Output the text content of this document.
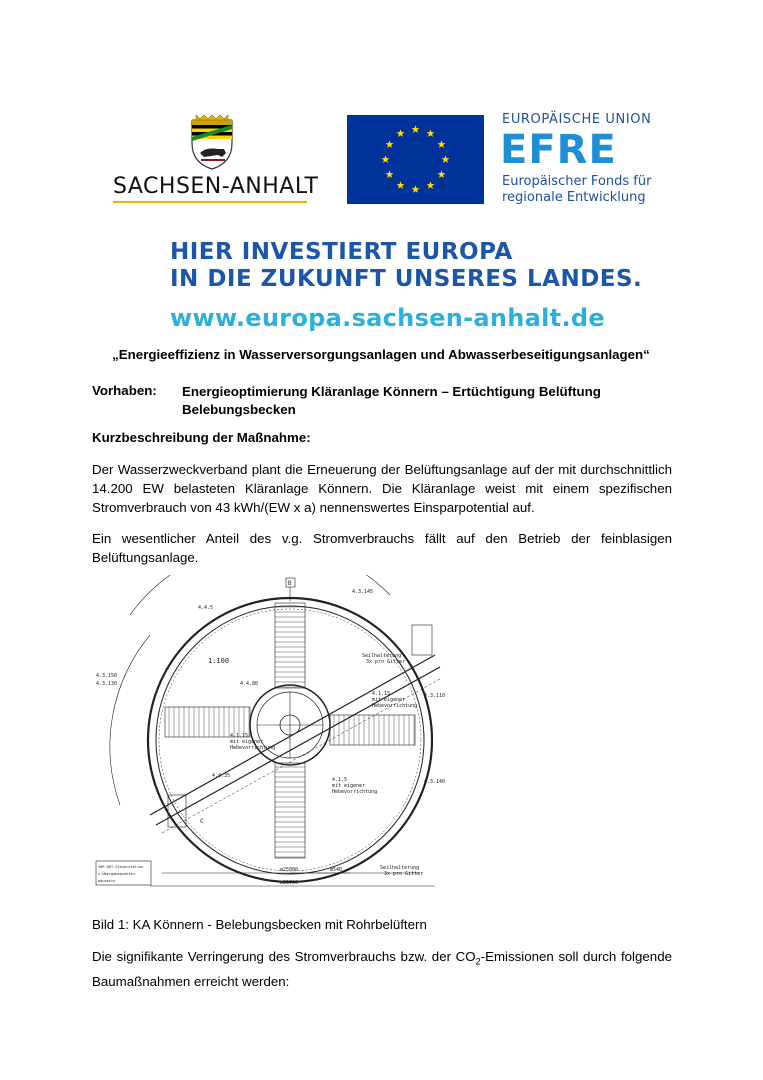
SACHSEN-ANHALT
EUROPÄISCHE UNION
EFRE
Europäischer Fonds für
regionale Entwicklung
HIER INVESTIERT EUROPA
IN DIE ZUKUNFT UNSERES LANDES.
www.europa.sachsen-anhalt.de
„Energieeffizienz in Wasserversorgungsanlagen und Abwasserbeseitigungsanlagen“
Vorhaben: Energieoptimierung Kläranlage Könnern – Ertüchtigung Belüftung Belebungsbecken
Kurzbeschreibung der Maßnahme:
Der Wasserzweckverband plant die Erneuerung der Belüftungsanlage auf der mit durchschnittlich 14.200 EW belasteten Kläranlage Könnern. Die Kläranlage weist mit einem spezifischen Stromverbrauch von 43 kWh/(EW x a) nennenswertes Einsparpotential auf.
Ein wesentlicher Anteil des v.g. Stromverbrauchs fällt auf den Betrieb der feinblasigen Belüftungsanlage.
1:100
4.4.5
4.3.145
4.4.80
4.4.35
4.1.15
4.1.15
4.1.5
4.3.150
4.3.130
4.3.110
4.3.140
Seilhalterung
3x pro Gitter
Seilhalterung
3x pro Gitter
mit eigener
Hebevorrichtung
mit eigener
Hebevorrichtung
mit eigener
Hebevorrichtung
ø25000
ø25700
ø540
B
C
VOR ORT-Steuerstellen
s.Übergabepunkten
bauseits
Bild 1: KA Könnern - Belebungsbecken mit Rohrbelüftern
Die signifikante Verringerung des Stromverbrauchs bzw. der $CO_2$-Emissionen soll durch folgende Baumaßnahmen erreicht werden:
